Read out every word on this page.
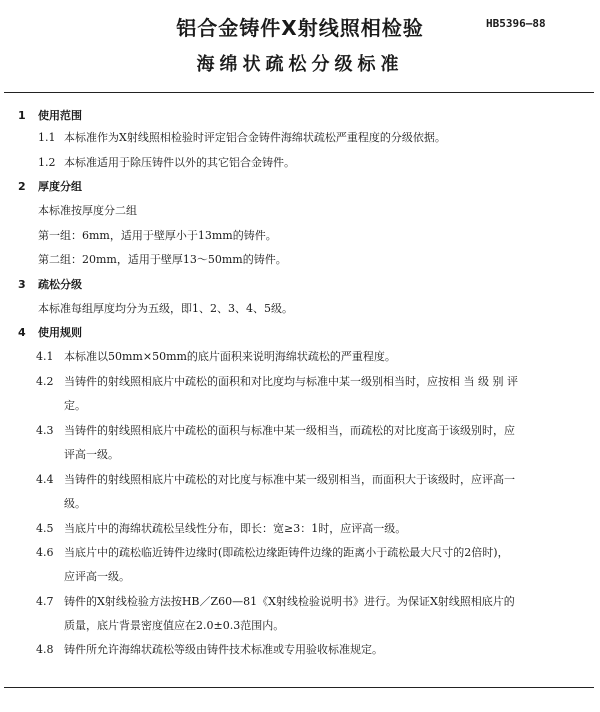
铝合金铸件X射线照相检验	HB5396—88
海绵状疏松分级标准
1 使用范围
1.1 本标准作为X射线照相检验时评定铝合金铸件海绵状疏松严重程度的分级依据。
1.2 本标准适用于除压铸件以外的其它铝合金铸件。
2 厚度分组
本标准按厚度分二组
第一组：6mm，适用于壁厚小于13mm的铸件。
第二组：20mm，适用于壁厚13～50mm的铸件。
3 疏松分级
本标准每组厚度均分为五级，即1、2、3、4、5级。
4 使用规则
4.1 本标准以50mm×50mm的底片面积来说明海绵状疏松的严重程度。
4.2 当铸件的射线照相底片中疏松的面积和对比度均与标准中某一级别相当时，应按相 当 级 别 评
定。
4.3 当铸件的射线照相底片中疏松的面积与标准中某一级相当，而疏松的对比度高于该级别时，应
评高一级。
4.4 当铸件的射线照相底片中疏松的对比度与标准中某一级别相当，而面积大于该级时，应评高一
级。
4.5 当底片中的海绵状疏松呈线性分布，即长：宽≥3：1时，应评高一级。
4.6 当底片中的疏松临近铸件边缘时(即疏松边缘距铸件边缘的距离小于疏松最大尺寸的2倍时)，
应评高一级。
4.7 铸件的X射线检验方法按HB／Z60—81《X射线检验说明书》进行。为保证X射线照相底片的
质量，底片背景密度值应在2.0±0.3范围内。
4.8 铸件所允许海绵状疏松等级由铸件技术标准或专用验收标准规定。
